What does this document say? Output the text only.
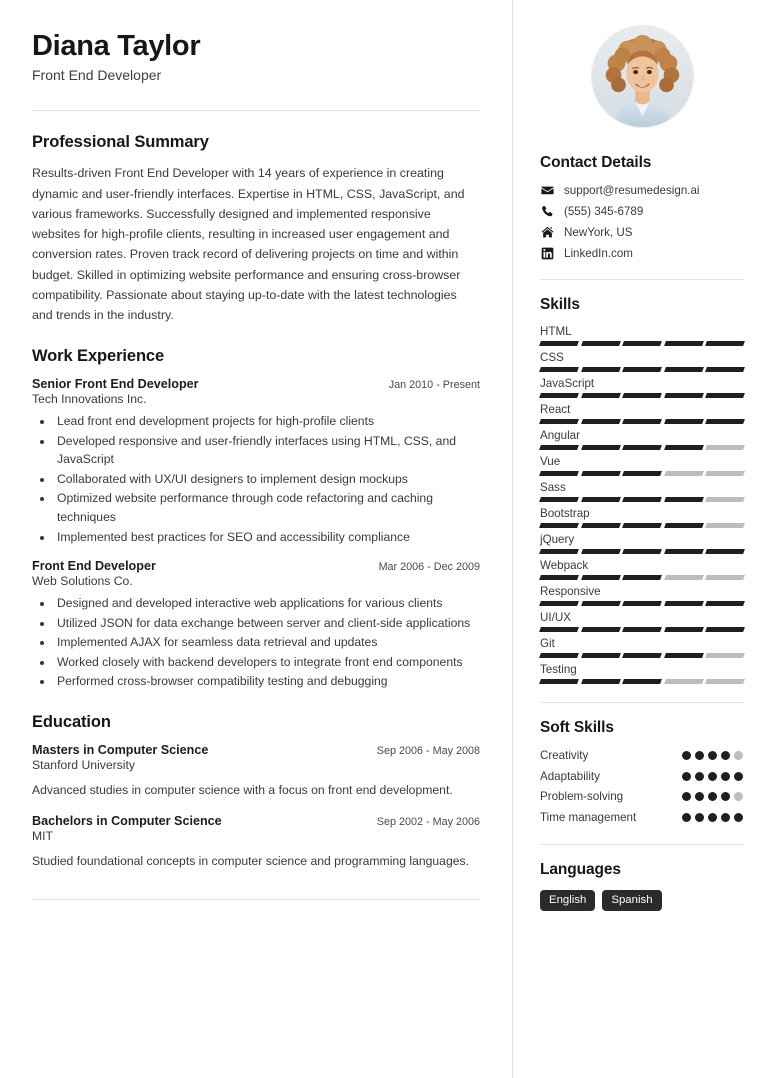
Diana Taylor
Front End Developer
Professional Summary
Results-driven Front End Developer with 14 years of experience in creating dynamic and user-friendly interfaces. Expertise in HTML, CSS, JavaScript, and various frameworks. Successfully designed and implemented responsive websites for high-profile clients, resulting in increased user engagement and conversion rates. Proven track record of delivering projects on time and within budget. Skilled in optimizing website performance and ensuring cross-browser compatibility. Passionate about staying up-to-date with the latest technologies and trends in the industry.
Work Experience
Senior Front End Developer	Jan 2010 - Present
Tech Innovations Inc.
• Lead front end development projects for high-profile clients
• Developed responsive and user-friendly interfaces using HTML, CSS, and JavaScript
• Collaborated with UX/UI designers to implement design mockups
• Optimized website performance through code refactoring and caching techniques
• Implemented best practices for SEO and accessibility compliance
Front End Developer	Mar 2006 - Dec 2009
Web Solutions Co.
• Designed and developed interactive web applications for various clients
• Utilized JSON for data exchange between server and client-side applications
• Implemented AJAX for seamless data retrieval and updates
• Worked closely with backend developers to integrate front end components
• Performed cross-browser compatibility testing and debugging
Education
Masters in Computer Science	Sep 2006 - May 2008
Stanford University
Advanced studies in computer science with a focus on front end development.
Bachelors in Computer Science	Sep 2002 - May 2006
MIT
Studied foundational concepts in computer science and programming languages.
Contact Details
support@resumedesign.ai
(555) 345-6789
NewYork, US
LinkedIn.com
Skills
HTML
CSS
JavaScript
React
Angular
Vue
Sass
Bootstrap
jQuery
Webpack
Responsive
UI/UX
Git
Testing
Soft Skills
Creativity
Adaptability
Problem-solving
Time management
Languages
English	Spanish
